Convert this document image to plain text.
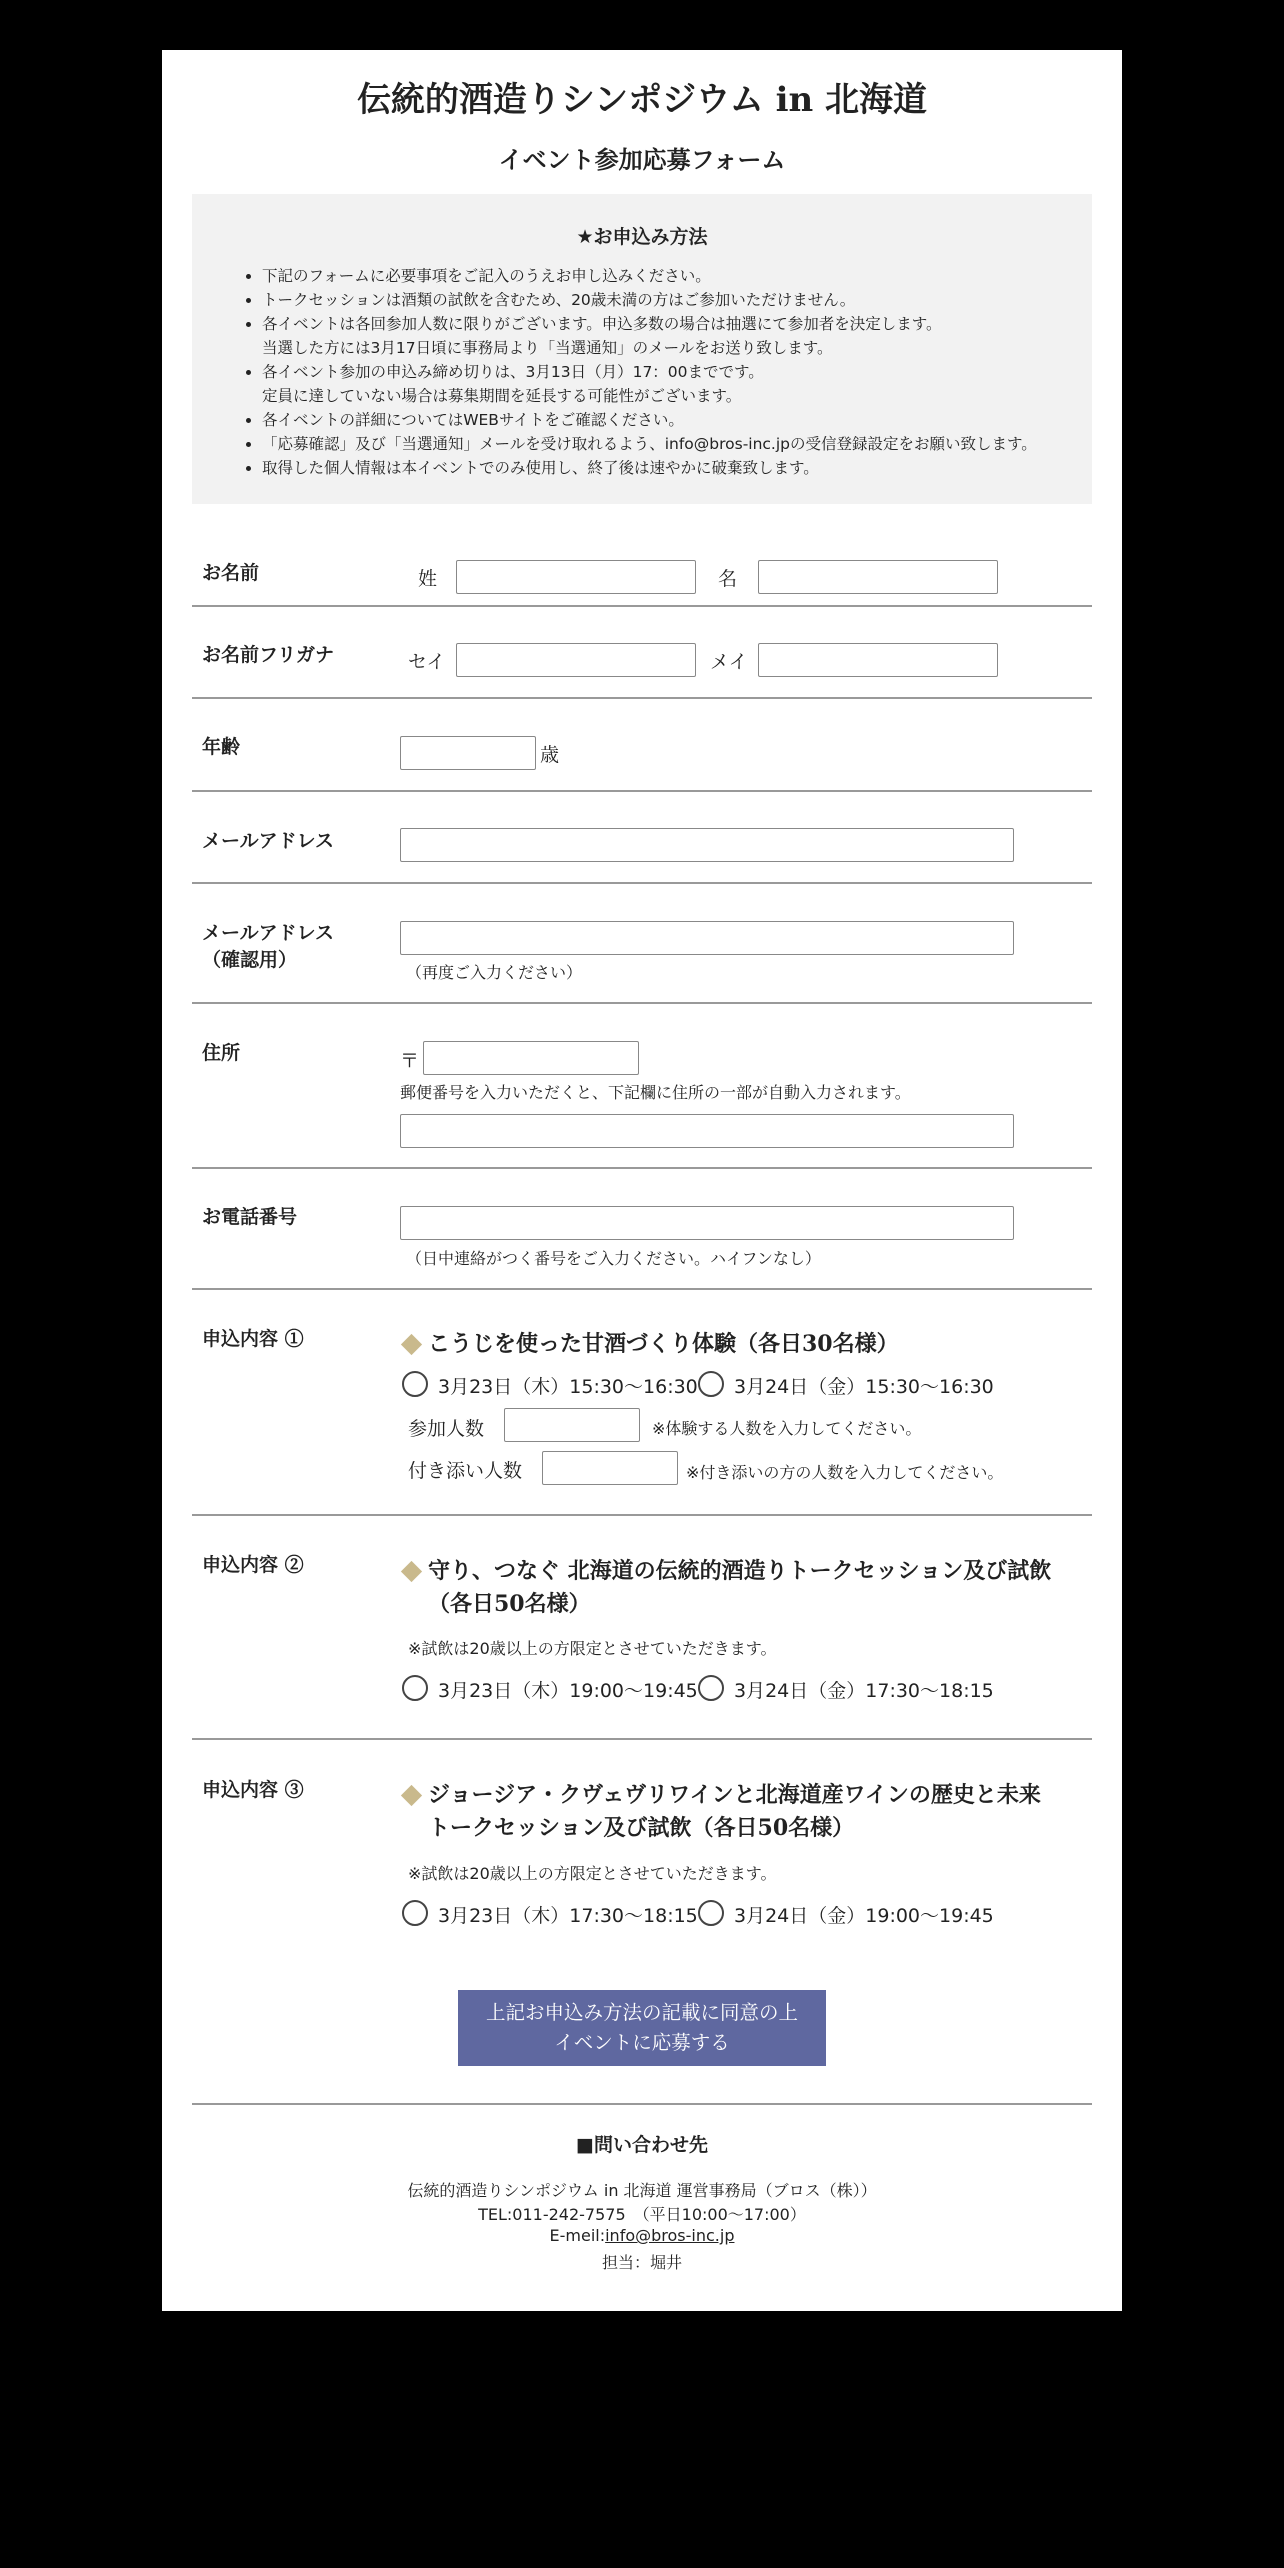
伝統的酒造りシンポジウム in 北海道
イベント参加応募フォーム
★お申込み方法
• 下記のフォームに必要事項をご記入のうえお申し込みください。
• トークセッションは酒類の試飲を含むため、20歳未満の方はご参加いただけません。
• 各イベントは各回参加人数に限りがございます。申込多数の場合は抽選にて参加者を決定します。
当選した方には3月17日頃に事務局より「当選通知」のメールをお送り致します。
• 各イベント参加の申込み締め切りは、3月13日（月）17：00までです。
定員に達していない場合は募集期間を延長する可能性がございます。
• 各イベントの詳細についてはWEBサイトをご確認ください。
• 「応募確認」及び「当選通知」メールを受け取れるよう、info@bros-inc.jpの受信登録設定をお願い致します。
• 取得した個人情報は本イベントでのみ使用し、終了後は速やかに破棄致します。
お名前	姓	名
お名前フリガナ	セイ	メイ
年齢	歳
メールアドレス
メールアドレス
（確認用）
（再度ご入力ください）
住所	〒
郵便番号を入力いただくと、下記欄に住所の一部が自動入力されます。
お電話番号
（日中連絡がつく番号をご入力ください。ハイフンなし）
申込内容 ①	こうじを使った甘酒づくり体験（各日30名様）
3月23日（木）15:30〜16:30 3月24日（金）15:30〜16:30
参加人数	※体験する人数を入力してください。
付き添い人数	※付き添いの方の人数を入力してください。
申込内容 ②	守り、つなぐ 北海道の伝統的酒造りトークセッション及び試飲
（各日50名様）
※試飲は20歳以上の方限定とさせていただきます。
3月23日（木）19:00〜19:45 3月24日（金）17:30〜18:15
申込内容 ③	ジョージア・クヴェヴリワインと北海道産ワインの歴史と未来
トークセッション及び試飲（各日50名様）
※試飲は20歳以上の方限定とさせていただきます。
3月23日（木）17:30〜18:15 3月24日（金）19:00〜19:45
上記お申込み方法の記載に同意の上
イベントに応募する
■問い合わせ先
伝統的酒造りシンポジウム in 北海道 運営事務局（ブロス（株））
TEL:011-242-7575　（平日10:00〜17:00）
E-meil:info@bros-inc.jp
担当：堀井
